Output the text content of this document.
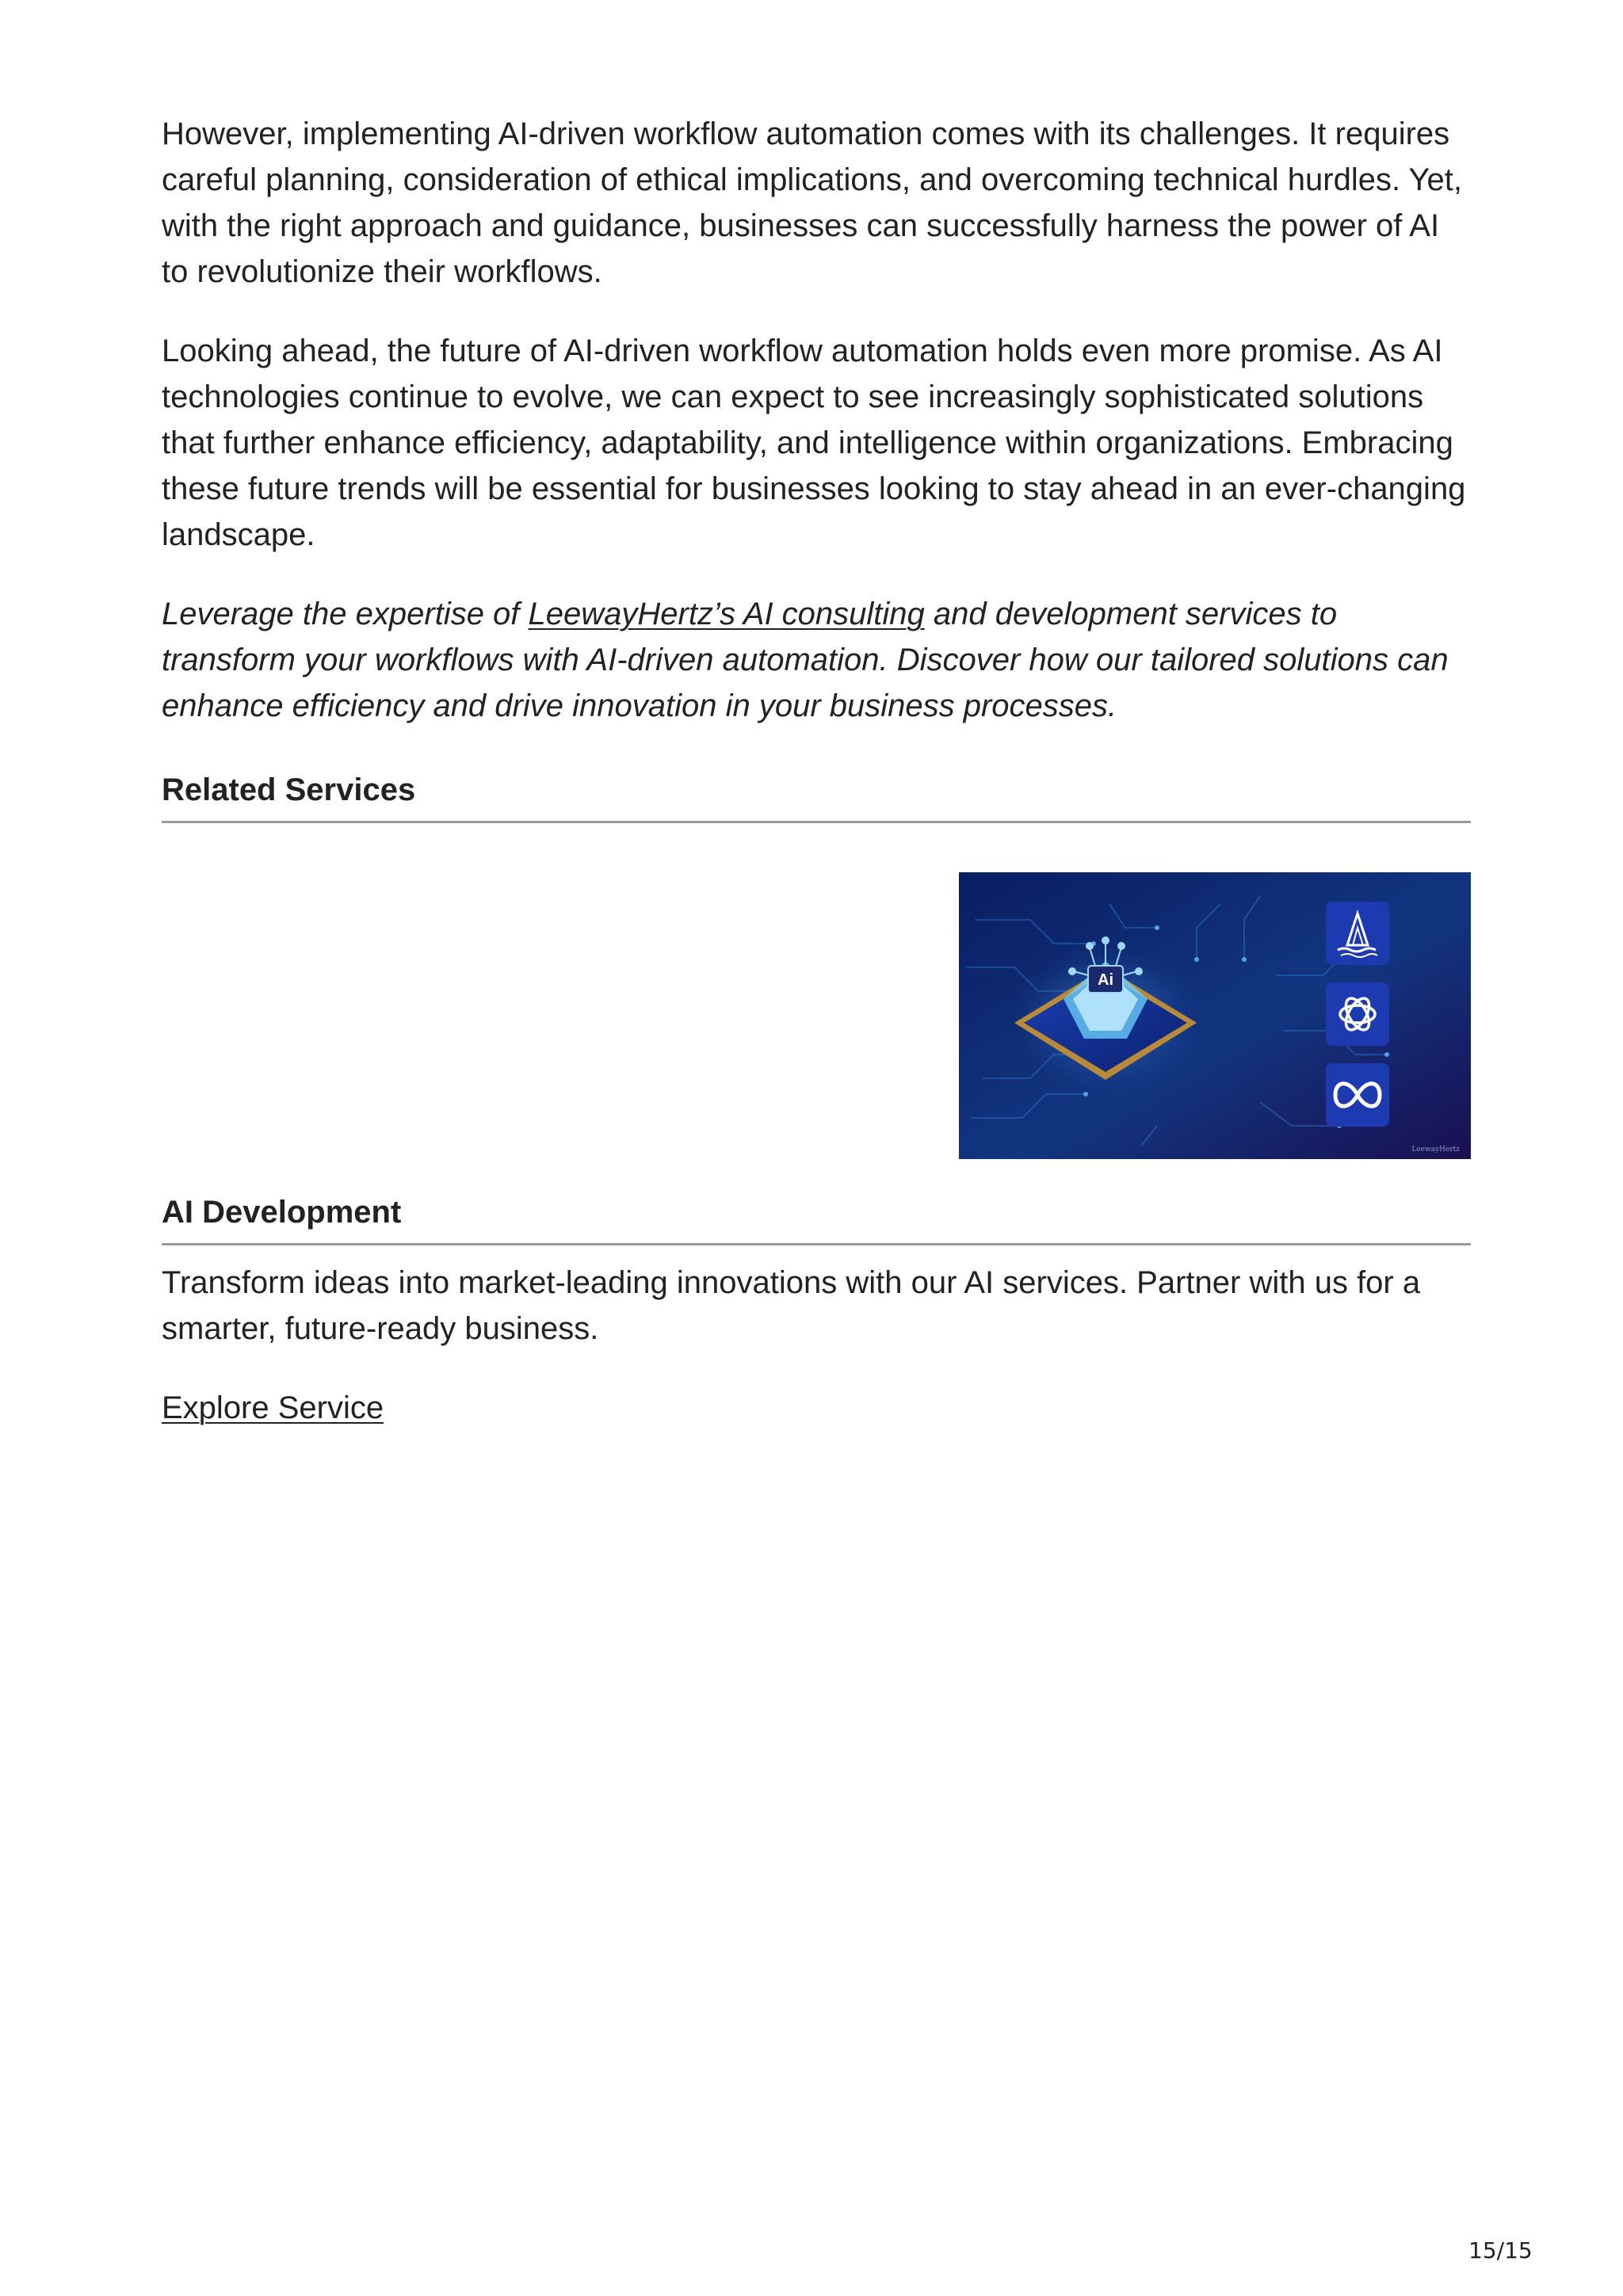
However, implementing AI-driven workflow automation comes with its challenges. It requires careful planning, consideration of ethical implications, and overcoming technical hurdles. Yet, with the right approach and guidance, businesses can successfully harness the power of AI to revolutionize their workflows.

Looking ahead, the future of AI-driven workflow automation holds even more promise. As AI technologies continue to evolve, we can expect to see increasingly sophisticated solutions that further enhance efficiency, adaptability, and intelligence within organizations. Embracing these future trends will be essential for businesses looking to stay ahead in an ever-changing landscape.

Leverage the expertise of LeewayHertz’s AI consulting and development services to transform your workflows with AI-driven automation. Discover how our tailored solutions can enhance efficiency and drive innovation in your business processes.

Related Services
Ai
LeewayHertz
AI Development

Transform ideas into market-leading innovations with our AI services. Partner with us for a smarter, future-ready business.

Explore Service
15/15
